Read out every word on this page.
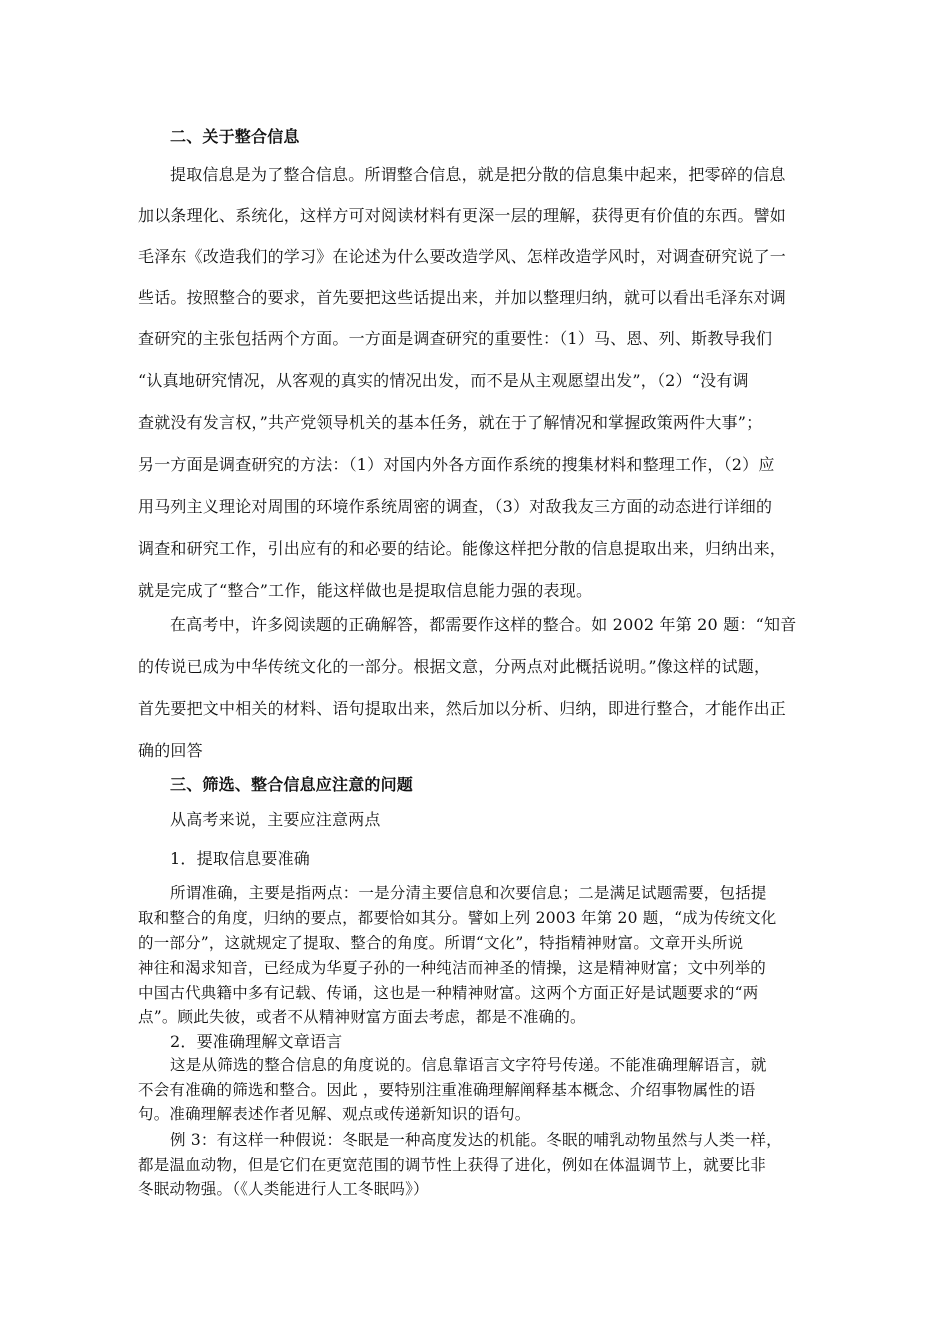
二、关于整合信息
提取信息是为了整合信息。所谓整合信息，就是把分散的信息集中起来，把零碎的信息
加以条理化、系统化，这样方可对阅读材料有更深一层的理解，获得更有价值的东西。譬如
毛泽东《改造我们的学习》在论述为什么要改造学风、怎样改造学风时，对调查研究说了一
些话。按照整合的要求，首先要把这些话提出来，并加以整理归纳，就可以看出毛泽东对调
查研究的主张包括两个方面。一方面是调查研究的重要性：（1）马、恩、列、斯教导我们
“认真地研究情况，从客观的真实的情况出发，而不是从主观愿望出发”，（2）“没有调
查就没有发言权，”共产党领导机关的基本任务，就在于了解情况和掌握政策两件大事”；
另一方面是调查研究的方法：（1）对国内外各方面作系统的搜集材料和整理工作，（2）应
用马列主义理论对周围的环境作系统周密的调查，（3）对敌我友三方面的动态进行详细的
调查和研究工作，引出应有的和必要的结论。能像这样把分散的信息提取出来，归纳出来，
就是完成了“整合”工作，能这样做也是提取信息能力强的表现。
在高考中，许多阅读题的正确解答，都需要作这样的整合。如 2002 年第 20 题：“知音
的传说已成为中华传统文化的一部分。根据文意，分两点对此概括说明。”像这样的试题，
首先要把文中相关的材料、语句提取出来，然后加以分析、归纳，即进行整合，才能作出正
确的回答
三、筛选、整合信息应注意的问题
从高考来说，主要应注意两点
1．提取信息要准确
所谓准确，主要是指两点：一是分清主要信息和次要信息；二是满足试题需要，包括提
取和整合的角度，归纳的要点，都要恰如其分。譬如上列 2003 年第 20 题，“成为传统文化
的一部分”，这就规定了提取、整合的角度。所谓“文化”，特指精神财富。文章开头所说
神往和渴求知音，已经成为华夏子孙的一种纯洁而神圣的情操，这是精神财富；文中列举的
中国古代典籍中多有记载、传诵，这也是一种精神财富。这两个方面正好是试题要求的“两
点”。顾此失彼，或者不从精神财富方面去考虑，都是不准确的。
2．要准确理解文章语言
这是从筛选的整合信息的角度说的。信息靠语言文字符号传递。不能准确理解语言，就
不会有准确的筛选和整合。因此 ，要特别注重准确理解阐释基本概念、介绍事物属性的语
句。准确理解表述作者见解、观点或传递新知识的语句。
例 3：有这样一种假说：冬眠是一种高度发达的机能。冬眠的哺乳动物虽然与人类一样，
都是温血动物，但是它们在更宽范围的调节性上获得了进化，例如在体温调节上，就要比非
冬眠动物强。（《人类能进行人工冬眠吗》）
